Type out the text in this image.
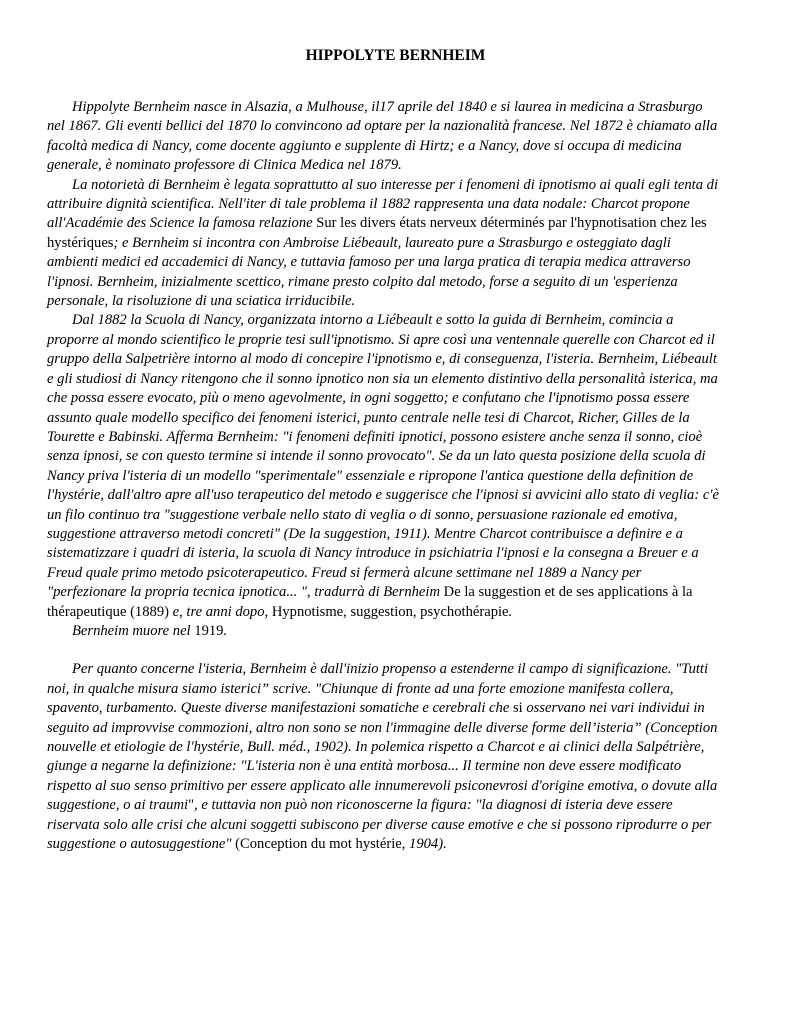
HIPPOLYTE BERNHEIM

Hippolyte Bernheim nasce in Alsazia, a Mulhouse, il17 aprile del 1840 e si laurea in medicina a Strasburgo nel 1867. Gli eventi bellici del 1870 lo convincono ad optare per la nazionalità francese. Nel 1872 è chiamato alla facoltà medica di Nancy, come docente aggiunto e supplente di Hirtz; e a Nancy, dove si occupa di medicina generale, è nominato professore di Clinica Medica nel 1879.

La notorietà di Bernheim è legata soprattutto al suo interesse per i fenomeni di ipnotismo ai quali egli tenta di attribuire dignità scientifica. Nell'iter di tale problema il 1882 rappresenta una data nodale: Charcot propone all'Académie des Science la famosa relazione Sur les divers états nerveux déterminés par l'hypnotisation chez les hystériques; e Bernheim si incontra con Ambroise Liébeault, laureato pure a Strasburgo e osteggiato dagli ambienti medici ed accademici di Nancy, e tuttavia famoso per una larga pratica di terapia medica attraverso l'ipnosi. Bernheim, inizialmente scettico, rimane presto colpito dal metodo, forse a seguito di un 'esperienza personale, la risoluzione di una sciatica irriducibile.

Dal 1882 la Scuola di Nancy, organizzata intorno a Liébeault e sotto la guida di Bernheim, comincia a proporre al mondo scientifico le proprie tesi sull'ipnotismo. Si apre così una ventennale querelle con Charcot ed il gruppo della Salpetrière intorno al modo di concepire l'ipnotismo e, di conseguenza, l'isteria. Bernheim, Liébeault e gli studiosi di Nancy ritengono che il sonno ipnotico non sia un elemento distintivo della personalità isterica, ma che possa essere evocato, più o meno agevolmente, in ogni soggetto; e confutano che l'ipnotismo possa essere assunto quale modello specifico dei fenomeni isterici, punto centrale nelle tesi di Charcot, Richer, Gilles de la Tourette e Babinski. Afferma Bernheim: "i fenomeni definiti ipnotici, possono esistere anche senza il sonno, cioè senza ipnosi, se con questo termine si intende il sonno provocato". Se da un lato questa posizione della scuola di Nancy priva l'isteria di un modello "sperimentale" essenziale e ripropone l'antica questione della definition de l'hystérie, dall'altro apre all'uso terapeutico del metodo e suggerisce che l'ipnosi si avvicini allo stato di veglia: c'è un filo continuo tra "suggestione verbale nello stato di veglia o di sonno, persuasione razionale ed emotiva, suggestione attraverso metodi concreti" (De la suggestion, 1911). Mentre Charcot contribuisce a definire e a sistematizzare i quadri di isteria, la scuola di Nancy introduce in psichiatria l'ipnosi e la consegna a Breuer e a Freud quale primo metodo psicoterapeutico. Freud si fermerà alcune settimane nel 1889 a Nancy per "perfezionare la propria tecnica ipnotica... ", tradurrà di Bernheim De la suggestion et de ses applications à la thérapeutique (1889) e, tre anni dopo, Hypnotisme, suggestion, psychothérapie.

Bernheim muore nel 1919.

Per quanto concerne l'isteria, Bernheim è dall'inizio propenso a estenderne il campo di significazione. "Tutti noi, in qualche misura siamo isterici” scrive. "Chiunque di fronte ad una forte emozione manifesta collera, spavento, turbamento. Queste diverse manifestazioni somatiche e cerebrali che si osservano nei vari individui in seguito ad improvvise commozioni, altro non sono se non l'immagine delle diverse forme dell’isteria” (Conception nouvelle et etiologie de l'hystérie, Bull. méd., 1902). In polemica rispetto a Charcot e ai clinici della Salpétrière, giunge a negarne la definizione: "L'isteria non è una entità morbosa... Il termine non deve essere modificato rispetto al suo senso primitivo per essere applicato alle innumerevoli psiconevrosi d'origine emotiva, o dovute alla suggestione, o ai traumi", e tuttavia non può non riconoscerne la figura: "la diagnosi di isteria deve essere riservata solo alle crisi che alcuni soggetti subiscono per diverse cause emotive e che si possono riprodurre o per suggestione o autosuggestione" (Conception du mot hystérie, 1904).
